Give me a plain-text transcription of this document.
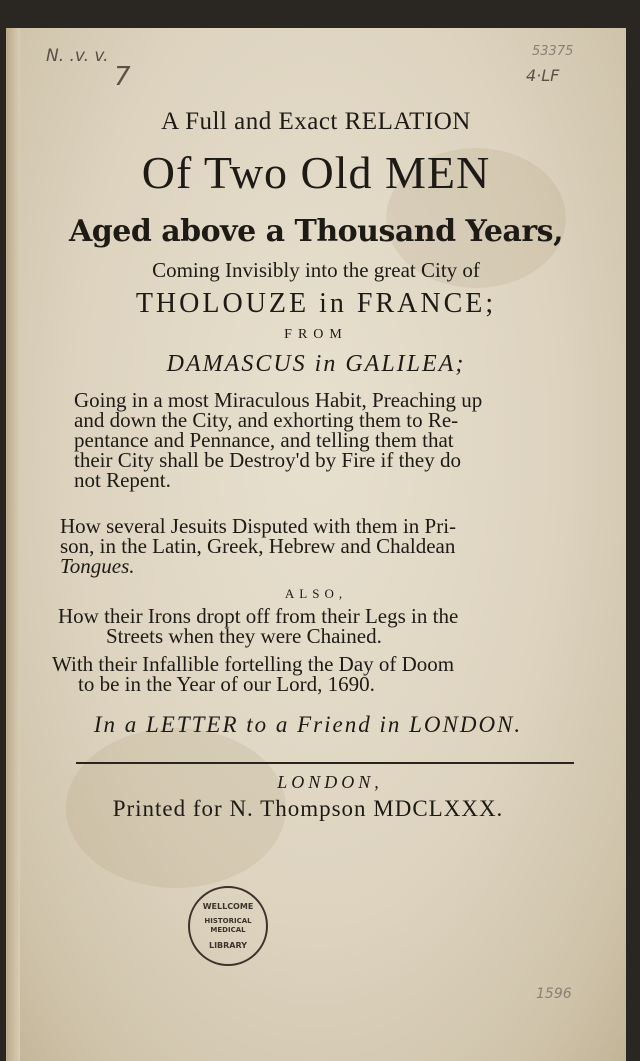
N. .v. v.
7
53375
4·LF
A Full and Exact RELATION
Of Two Old MEN
Aged above a Thousand Years,
Coming Invisibly into the great City of
THOLOUZE in FRANCE;
FROM
DAMASCUS in GALILEA;
Going in a most Miraculous Habit, Preaching up
and down the City, and exhorting them to Re-
pentance and Pennance, and telling them that
their City shall be Destroy'd by Fire if they do
not Repent.
How several Jesuits Disputed with them in Pri-
son, in the Latin, Greek, Hebrew and Chaldean
Tongues.
ALSO,
How their Irons dropt off from their Legs in the
Streets when they were Chained.
With their Infallible fortelling the Day of Doom
to be in the Year of our Lord, 1690.
In a LETTER to a Friend in LONDON.
LONDON,
Printed for N. Thompson MDCLXXX.
WELLCOME
HISTORICAL
MEDICAL
LIBRARY
1596
